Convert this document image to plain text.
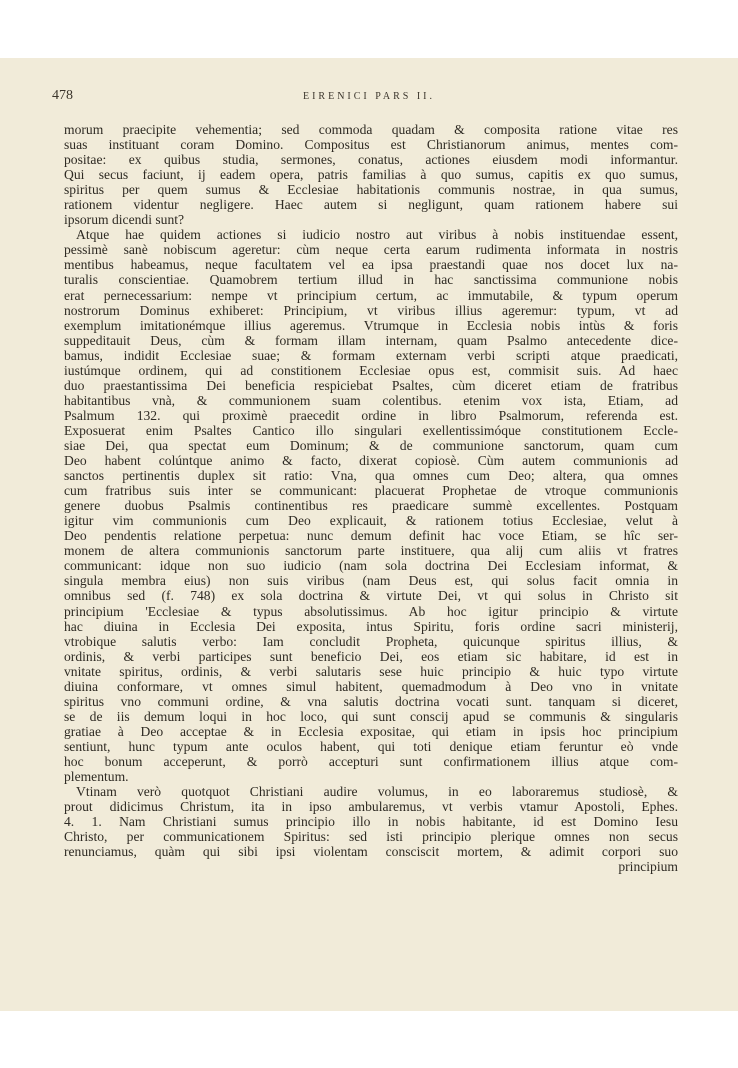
478	EIRENICI PARS II.
morum praecipite vehementia; sed commoda quadam & composita ratione vitae res
suas instituant coram Domino. Compositus est Christianorum animus, mentes com-
positae: ex quibus studia, sermones, conatus, actiones eiusdem modi informantur.
Qui secus faciunt, ij eadem opera, patris familias à quo sumus, capitis ex quo sumus,
spiritus per quem sumus & Ecclesiae habitationis communis nostrae, in qua sumus,
rationem videntur negligere. Haec autem si negligunt, quam rationem habere sui
ipsorum dicendi sunt?
Atque hae quidem actiones si iudicio nostro aut viribus à nobis instituendae essent,
pessimè sanè nobiscum ageretur: cùm neque certa earum rudimenta informata in nostris
mentibus habeamus, neque facultatem vel ea ipsa praestandi quae nos docet lux na-
turalis conscientiae. Quamobrem tertium illud in hac sanctissima communione nobis
erat pernecessarium: nempe vt principium certum, ac immutabile, & typum operum
nostrorum Dominus exhiberet: Principium, vt viribus illius ageremur: typum, vt ad
exemplum imitationémque illius ageremus. Vtrumque in Ecclesia nobis intùs & foris
suppeditauit Deus, cùm & formam illam internam, quam Psalmo antecedente dice-
bamus, indidit Ecclesiae suae; & formam externam verbi scripti atque praedicati,
iustúmque ordinem, qui ad constitionem Ecclesiae opus est, commisit suis. Ad haec
duo praestantissima Dei beneficia respiciebat Psaltes, cùm diceret etiam de fratribus
habitantibus vnà, & communionem suam colentibus. etenim vox ista, Etiam, ad
Psalmum 132. qui proximè praecedit ordine in libro Psalmorum, referenda est.
Exposuerat enim Psaltes Cantico illo singulari exellentissimóque constitutionem Eccle-
siae Dei, qua spectat eum Dominum; & de communione sanctorum, quam cum
Deo habent colúntque animo & facto, dixerat copiosè. Cùm autem communionis ad
sanctos pertinentis duplex sit ratio: Vna, qua omnes cum Deo; altera, qua omnes
cum fratribus suis inter se communicant: placuerat Prophetae de vtroque communionis
genere duobus Psalmis continentibus res praedicare summè excellentes. Postquam
igitur vim communionis cum Deo explicauit, & rationem totius Ecclesiae, velut à
Deo pendentis relatione perpetua: nunc demum definit hac voce Etiam, se hîc ser-
monem de altera communionis sanctorum parte instituere, qua alij cum aliis vt fratres
communicant: idque non suo iudicio (nam sola doctrina Dei Ecclesiam informat, &
singula membra eius) non suis viribus (nam Deus est, qui solus facit omnia in
omnibus sed (f. 748) ex sola doctrina & virtute Dei, vt qui solus in Christo sit
principium 'Ecclesiae & typus absolutissimus. Ab hoc igitur principio & virtute
hac diuina in Ecclesia Dei exposita, intus Spiritu, foris ordine sacri ministerij,
vtrobique salutis verbo: Iam concludit Propheta, quicunque spiritus illius, &
ordinis, & verbi participes sunt beneficio Dei, eos etiam sic habitare, id est in
vnitate spiritus, ordinis, & verbi salutaris sese huic principio & huic typo virtute
diuina conformare, vt omnes simul habitent, quemadmodum à Deo vno in vnitate
spiritus vno communi ordine, & vna salutis doctrina vocati sunt. tanquam si diceret,
se de iis demum loqui in hoc loco, qui sunt conscij apud se communis & singularis
gratiae à Deo acceptae & in Ecclesia expositae, qui etiam in ipsis hoc principium
sentiunt, hunc typum ante oculos habent, qui toti denique etiam feruntur eò vnde
hoc bonum acceperunt, & porrò accepturi sunt confirmationem illius atque com-
plementum.
Vtinam verò quotquot Christiani audire volumus, in eo laboraremus studiosè, &
prout didicimus Christum, ita in ipso ambularemus, vt verbis vtamur Apostoli, Ephes.
4. 1. Nam Christiani sumus principio illo in nobis habitante, id est Domino Iesu
Christo, per communicationem Spiritus: sed isti principio plerique omnes non secus
renunciamus, quàm qui sibi ipsi violentam consciscit mortem, & adimit corpori suo
principium
